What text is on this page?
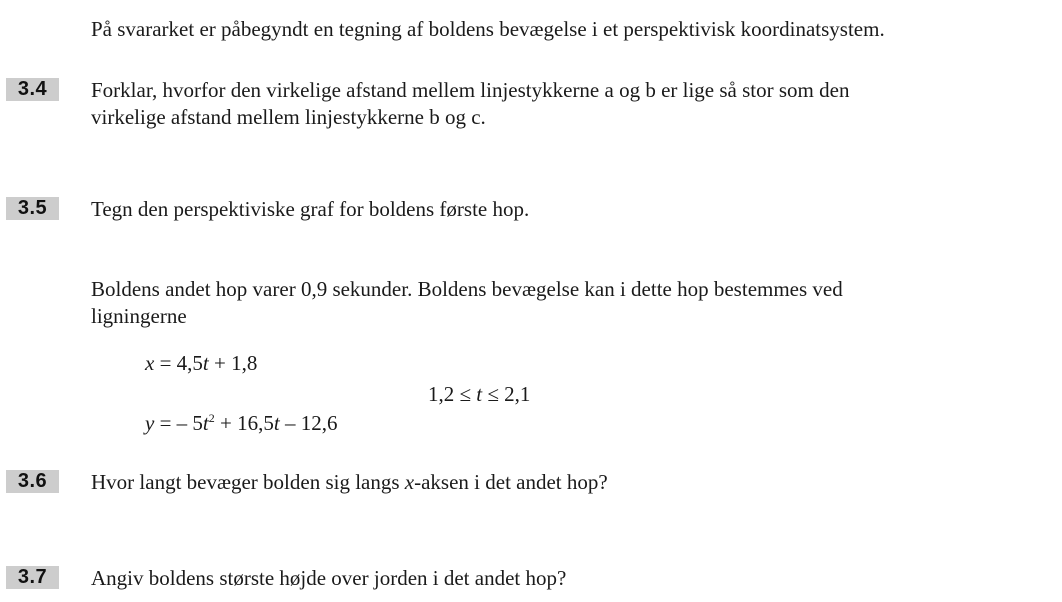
På svararket er påbegyndt en tegning af boldens bevægelse i et perspektivisk koordinatsystem.

3.4	Forklar, hvorfor den virkelige afstand mellem linjestykkerne a og b er lige så stor som den

virkelige afstand mellem linjestykkerne b og c.

3.5	Tegn den perspektiviske graf for boldens første hop.

Boldens andet hop varer 0,9 sekunder. Boldens bevægelse kan i dette hop bestemmes ved

ligningerne

x = 4,5t + 1,8
1,2 ≤ t ≤ 2,1
y = – $5t^2 + 16,5t - 12,6$
3.6	Hvor langt bevæger bolden sig langs x-aksen i det andet hop?

3.7	Angiv boldens største højde over jorden i det andet hop?
